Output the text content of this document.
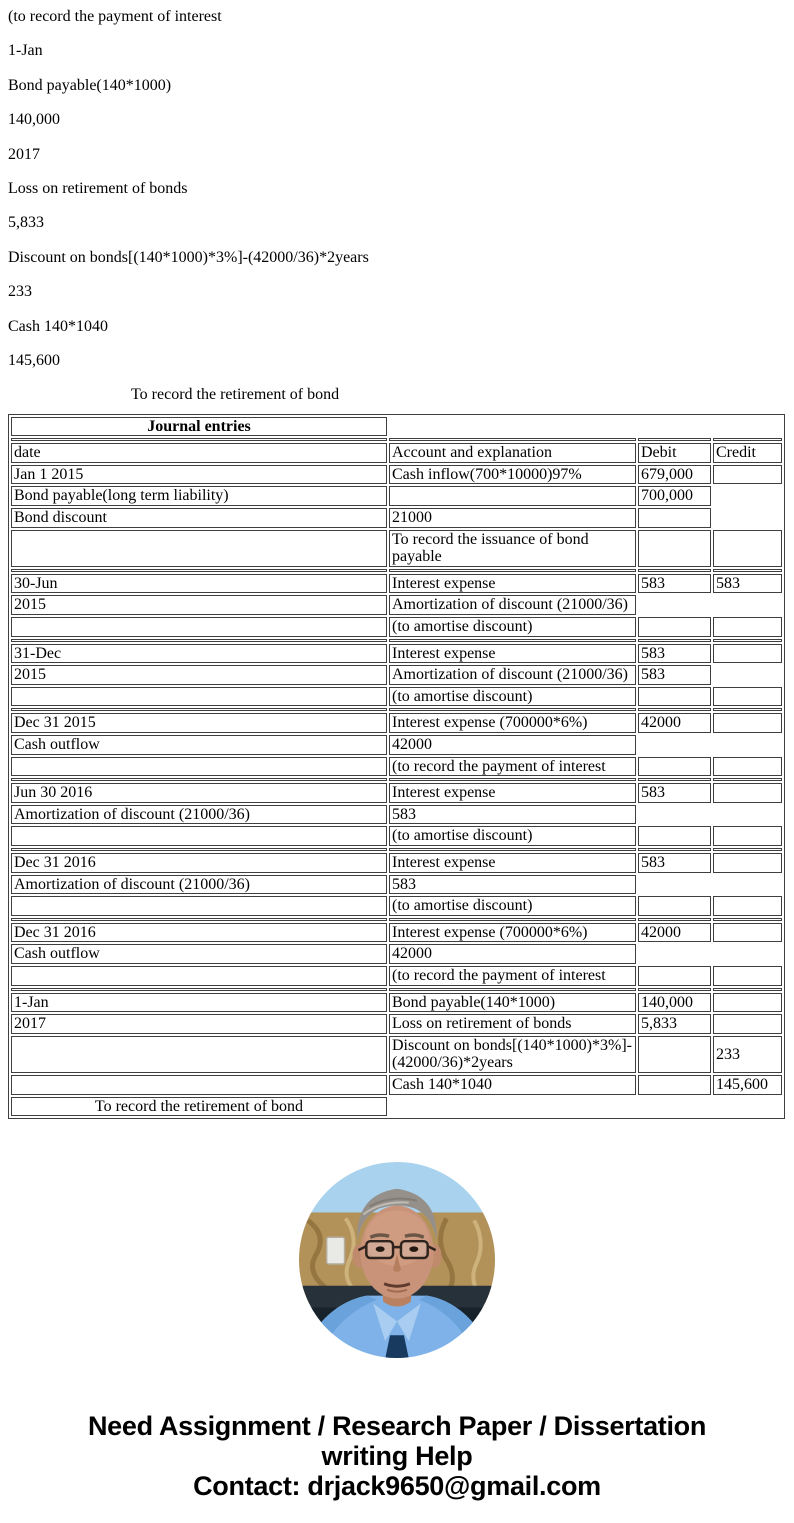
(to record the payment of interest

1-Jan

Bond payable(140*1000)

140,000

2017

Loss on retirement of bonds

5,833

Discount on bonds[(140*1000)*3%]-(42000/36)*2years

233

Cash 140*1040

145,600

To record the retirement of bond

Journal entries			

date	Account and explanation	Debit	Credit
Jan 1 2015	Cash inflow(700*10000)97%	679,000	
Bond payable(long term liability)		700,000	
Bond discount	21000		
	To record the issuance of bond payable		

30-Jun	Interest expense	583	583
2015	Amortization of discount (21000/36)		
	(to amortise discount)		

31-Dec	Interest expense	583	
2015	Amortization of discount (21000/36)	583	
	(to amortise discount)		

Dec 31 2015	Interest expense (700000*6%)	42000	
Cash outflow	42000		
	(to record the payment of interest		

Jun 30 2016	Interest expense	583	
Amortization of discount (21000/36)	583		
	(to amortise discount)		

Dec 31 2016	Interest expense	583	
Amortization of discount (21000/36)	583		
	(to amortise discount)		

Dec 31 2016	Interest expense (700000*6%)	42000	
Cash outflow	42000		
	(to record the payment of interest		

1-Jan	Bond payable(140*1000)	140,000	
2017	Loss on retirement of bonds	5,833	
	Discount on bonds[(140*1000)*3%]-(42000/36)*2years		233
	Cash 140*1040		145,600
To record the retirement of bond			
Need Assignment / Research Paper / Dissertation
writing Help
Contact: drjack9650@gmail.com
